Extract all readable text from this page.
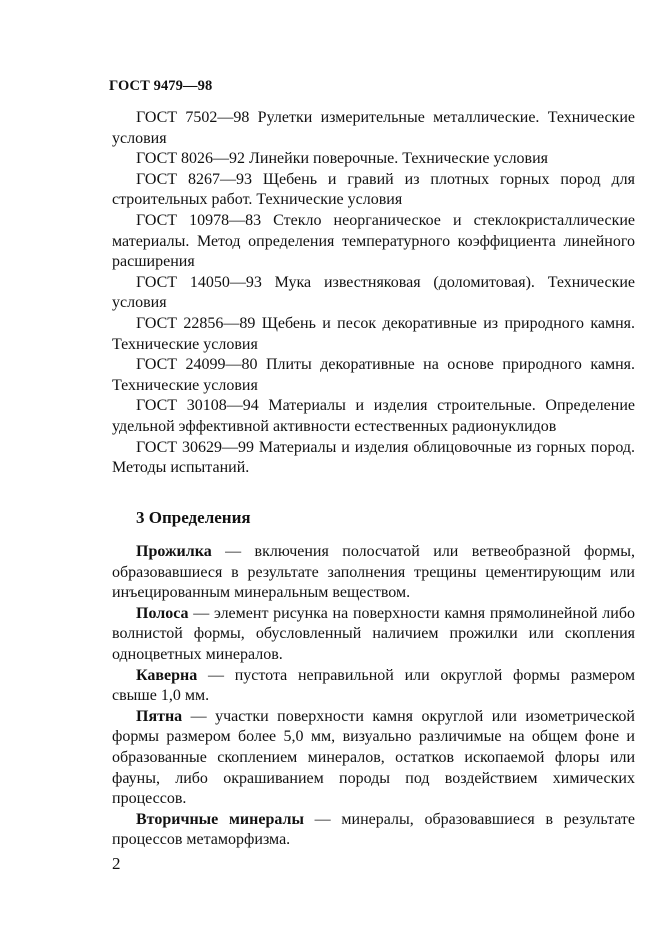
ГОСТ 9479—98

ГОСТ 7502—98 Рулетки измерительные металлические. Технические условия

ГОСТ 8026—92 Линейки поверочные. Технические условия

ГОСТ 8267—93 Щебень и гравий из плотных горных пород для строительных работ. Технические условия

ГОСТ 10978—83 Стекло неорганическое и стеклокристаллические материалы. Метод определения температурного коэффициента линейного расширения

ГОСТ 14050—93 Мука известняковая (доломитовая). Технические условия

ГОСТ 22856—89 Щебень и песок декоративные из природного камня. Технические условия

ГОСТ 24099—80 Плиты декоративные на основе природного камня. Технические условия

ГОСТ 30108—94 Материалы и изделия строительные. Определение удельной эффективной активности естественных радионуклидов

ГОСТ 30629—99 Материалы и изделия облицовочные из горных пород. Методы испытаний.

3 Определения

Прожилка — включения полосчатой или ветвеобразной формы, образовавшиеся в результате заполнения трещины цементирующим или инъецированным минеральным веществом.

Полоса — элемент рисунка на поверхности камня прямолинейной либо волнистой формы, обусловленный наличием прожилки или скопления одноцветных минералов.

Каверна — пустота неправильной или округлой формы размером свыше 1,0 мм.

Пятна — участки поверхности камня округлой или изометрической формы размером более 5,0 мм, визуально различимые на общем фоне и образованные скоплением минералов, остатков ископаемой флоры или фауны, либо окрашиванием породы под воздействием химических процессов.

Вторичные минералы — минералы, образовавшиеся в результате процессов метаморфизма.

2
